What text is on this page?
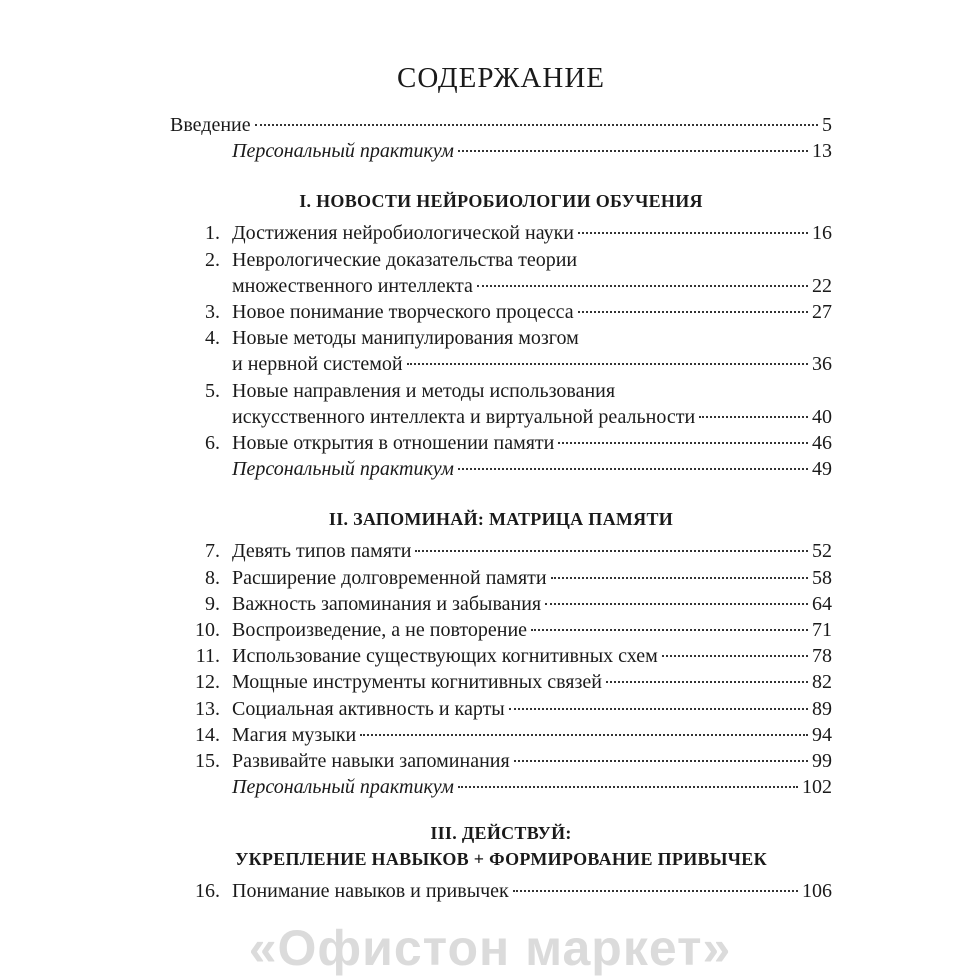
СОДЕРЖАНИЕ
Введение	5
Персональный практикум	13
I. НОВОСТИ НЕЙРОБИОЛОГИИ ОБУЧЕНИЯ
1. Достижения нейробиологической науки	16
2. Неврологические доказательства теории
множественного интеллекта	22
3. Новое понимание творческого процесса	27
4. Новые методы манипулирования мозгом
и нервной системой	36
5. Новые направления и методы использования
искусственного интеллекта и виртуальной реальности	40
6. Новые открытия в отношении памяти	46
Персональный практикум	49
II. ЗАПОМИНАЙ: МАТРИЦА ПАМЯТИ
7. Девять типов памяти	52
8. Расширение долговременной памяти	58
9. Важность запоминания и забывания	64
10. Воспроизведение, а не повторение	71
11. Использование существующих когнитивных схем	78
12. Мощные инструменты когнитивных связей	82
13. Социальная активность и карты	89
14. Магия музыки	94
15. Развивайте навыки запоминания	99
Персональный практикум	102
III. ДЕЙСТВУЙ:
УКРЕПЛЕНИЕ НАВЫКОВ + ФОРМИРОВАНИЕ ПРИВЫЧЕК
16. Понимание навыков и привычек	106
«Офистон маркет»
